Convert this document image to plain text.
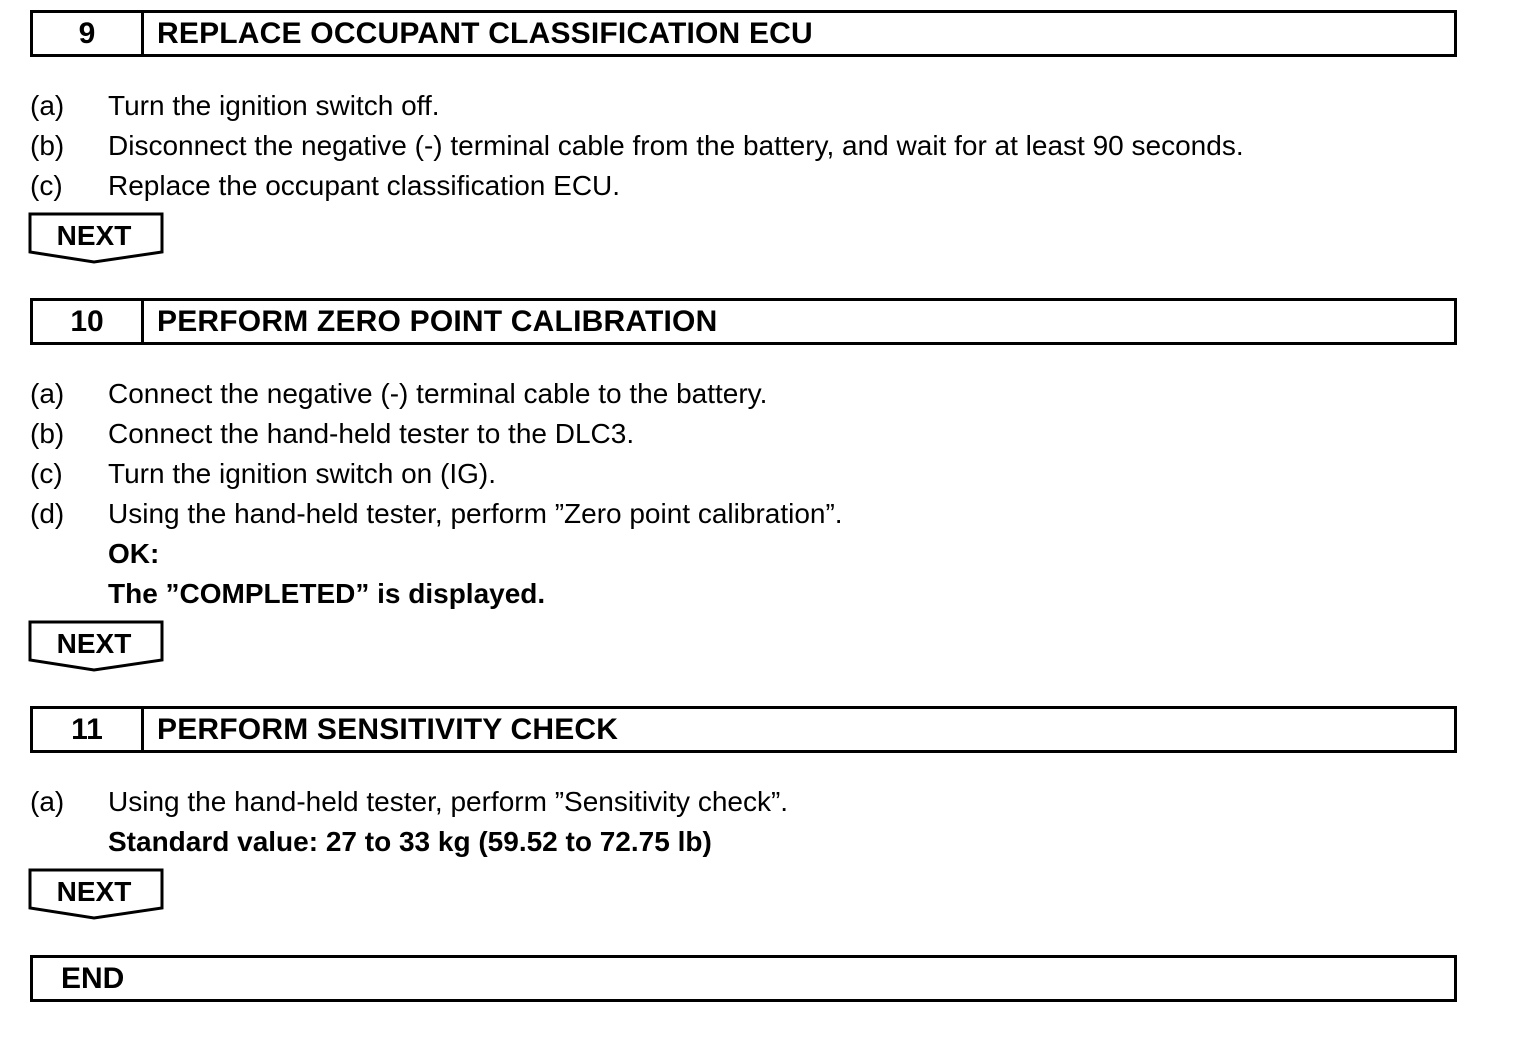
9	REPLACE OCCUPANT CLASSIFICATION ECU
(a)	Turn the ignition switch off.
(b)	Disconnect the negative (-) terminal cable from the battery, and wait for at least 90 seconds.
(c)	Replace the occupant classification ECU.
NEXT
10	PERFORM ZERO POINT CALIBRATION
(a)	Connect the negative (-) terminal cable to the battery.
(b)	Connect the hand-held tester to the DLC3.
(c)	Turn the ignition switch on (IG).
(d)	Using the hand-held tester, perform ”Zero point calibration”.
OK:
The ”COMPLETED” is displayed.
NEXT
11	PERFORM SENSITIVITY CHECK
(a)	Using the hand-held tester, perform ”Sensitivity check”.
Standard value: 27 to 33 kg (59.52 to 72.75 lb)
NEXT
END
